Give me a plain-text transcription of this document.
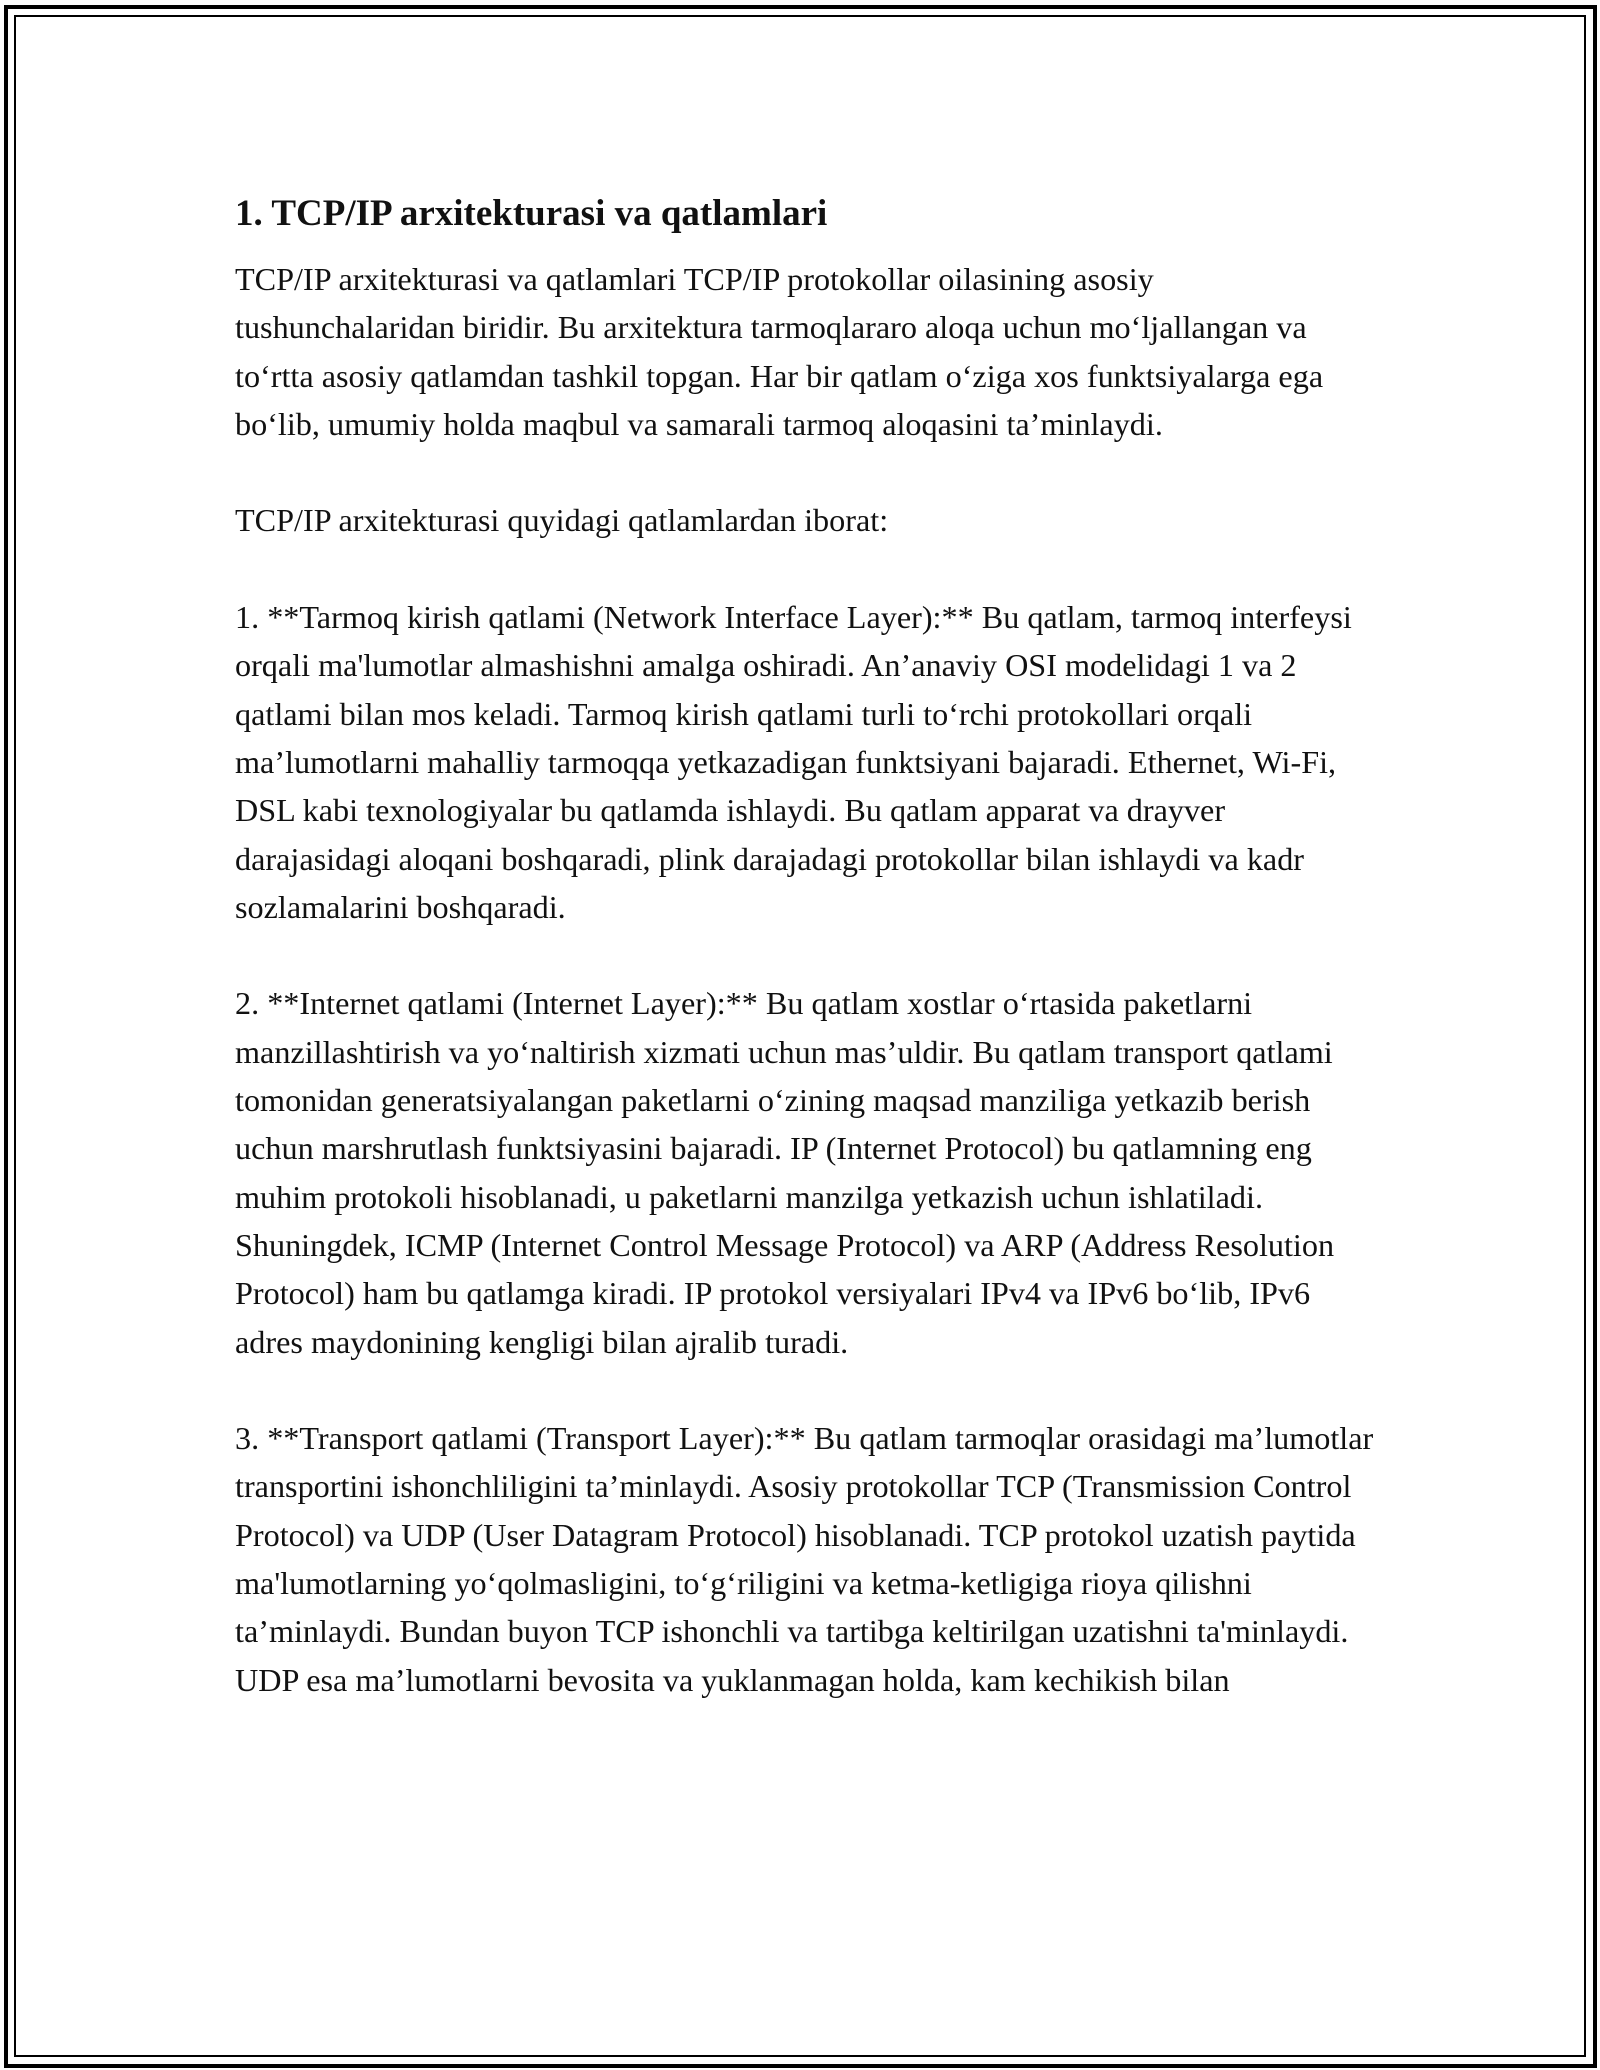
1. TCP/IP arxitekturasi va qatlamlari

TCP/IP arxitekturasi va qatlamlari TCP/IP protokollar oilasining asosiy tushunchalaridan biridir. Bu arxitektura tarmoqlararo aloqa uchun mo‘ljallangan va to‘rtta asosiy qatlamdan tashkil topgan. Har bir qatlam o‘ziga xos funktsiyalarga ega bo‘lib, umumiy holda maqbul va samarali tarmoq aloqasini ta’minlaydi.

TCP/IP arxitekturasi quyidagi qatlamlardan iborat:

1. **Tarmoq kirish qatlami (Network Interface Layer):** Bu qatlam, tarmoq interfeysi orqali ma'lumotlar almashishni amalga oshiradi. An’anaviy OSI modelidagi 1 va 2 qatlami bilan mos keladi. Tarmoq kirish qatlami turli to‘rchi protokollari orqali ma’lumotlarni mahalliy tarmoqqa yetkazadigan funktsiyani bajaradi. Ethernet, Wi-Fi, DSL kabi texnologiyalar bu qatlamda ishlaydi. Bu qatlam apparat va drayver darajasidagi aloqani boshqaradi, plink darajadagi protokollar bilan ishlaydi va kadr sozlamalarini boshqaradi.

2. **Internet qatlami (Internet Layer):** Bu qatlam xostlar o‘rtasida paketlarni manzillashtirish va yo‘naltirish xizmati uchun mas’uldir. Bu qatlam transport qatlami tomonidan generatsiyalangan paketlarni o‘zining maqsad manziliga yetkazib berish uchun marshrutlash funktsiyasini bajaradi. IP (Internet Protocol) bu qatlamning eng muhim protokoli hisoblanadi, u paketlarni manzilga yetkazish uchun ishlatiladi. Shuningdek, ICMP (Internet Control Message Protocol) va ARP (Address Resolution Protocol) ham bu qatlamga kiradi. IP protokol versiyalari IPv4 va IPv6 bo‘lib, IPv6 adres maydonining kengligi bilan ajralib turadi.

3. **Transport qatlami (Transport Layer):** Bu qatlam tarmoqlar orasidagi ma’lumotlar transportini ishonchliligini ta’minlaydi. Asosiy protokollar TCP (Transmission Control Protocol) va UDP (User Datagram Protocol) hisoblanadi. TCP protokol uzatish paytida ma'lumotlarning yo‘qolmasligini, to‘g‘riligini va ketma-ketligiga rioya qilishni ta’minlaydi. Bundan buyon TCP ishonchli va tartibga keltirilgan uzatishni ta'minlaydi. UDP esa ma’lumotlarni bevosita va yuklanmagan holda, kam kechikish bilan
